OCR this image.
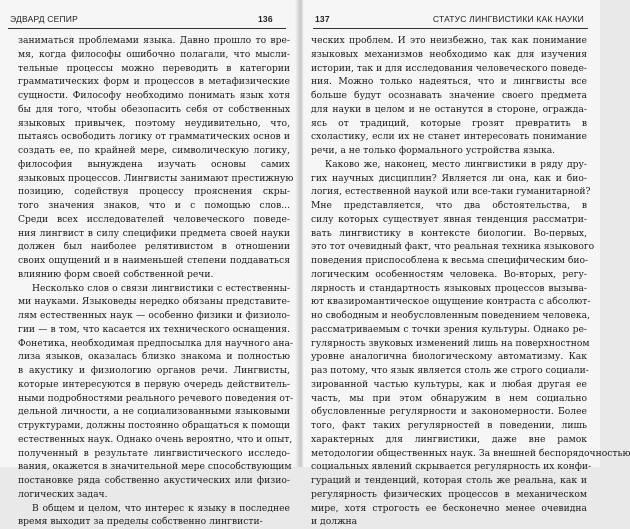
ЭДВАРД СЕПИР	136
заниматься проблемами языка. Давно прошло то вре-
мя, когда философы ошибочно полагали, что мысли-
тельные процессы можно переводить в категории
грамматических форм и процессов в метафизические
сущности. Философу необходимо понимать язык хотя
бы для того, чтобы обезопасить себя от собственных
языковых привычек, поэтому неудивительно, что,
пытаясь освободить логику от грамматических основ и
создать ее, по крайней мере, символическую логику,
философия вынуждена изучать основы самих
языковых процессов. Лингвисты занимают престижную
позицию, содействуя процессу прояснения скры-
того значения знаков, что и с помощью слов...
Среди всех исследователей человеческого поведе-
ния лингвист в силу специфики предмета своей науки
должен был наиболее релятивистом в отношении
своих ощущений и в наименьшей степени поддаваться
влиянию форм своей собственной речи.
Несколько слов о связи лингвистики с естественны-
ми науками. Языковеды нередко обязаны представите-
лям естественных наук — особенно физики и физиоло-
гии — в том, что касается их технического оснащения.
Фонетика, необходимая предпосылка для научного ана-
лиза языков, оказалась близко знакома и полностью
в акустику и физиологию органов речи. Лингвисты,
которые интересуются в первую очередь действитель-
ными подробностями реального речевого поведения от-
дельной личности, а не социализованными языковыми
структурами, должны постоянно обращаться к помощи
естественных наук. Однако очень вероятно, что и опыт,
полученный в результате лингвистического исследо-
вания, окажется в значительной мере способствующим
постановке ряда собственно акустических или физио-
логических задач.
В общем и целом, что интерес к языку в последнее
время выходит за пределы собственно лингвисти-
137	СТАТУС ЛИНГВИСТИКИ КАК НАУКИ
ческих проблем. И это неизбежно, так как понимание
языковых механизмов необходимо как для изучения
истории, так и для исследования человеческого поведе-
ния. Можно только надеяться, что и лингвисты все
больше будут осознавать значение своего предмета
для науки в целом и не останутся в стороне, огражда-
ясь от традиций, которые грозят превратить в
схоластику, если их не станет интересовать понимание
речи, а не только формального устройства языка.
Каково же, наконец, место лингвистики в ряду дру-
гих научных дисциплин? Является ли она, как и био-
логия, естественной наукой или все-таки гуманитарной?
Мне представляется, что два обстоятельства, в
силу которых существует явная тенденция рассматри-
вать лингвистику в контексте биологии. Во-первых,
это тот очевидный факт, что реальная техника языкового
поведения приспособлена к весьма специфическим био-
логическим особенностям человека. Во-вторых, регу-
лярность и стандартность языковых процессов вызыва-
ют квазиромантическое ощущение контраста с абсолют-
но свободным и необусловленным поведением человека,
рассматриваемым с точки зрения культуры. Однако ре-
гулярность звуковых изменений лишь на поверхностном
уровне аналогична биологическому автоматизму. Как
раз потому, что язык является столь же строго социали-
зированной частью культуры, как и любая другая ее
часть, мы при этом обнаружим в нем социально
обусловленные регулярности и закономерности. Более
того, факт таких регулярностей в поведении, лишь
характерных для лингвистики, даже вне рамок
методологии общественных наук. За внешней беспорядочностью
социальных явлений скрывается регулярность их конфи-
гураций и тенденций, которая столь же реальна, как и
регулярность физических процессов в механическом
мире, хотя строгость ее бесконечно менее очевидна
и должна
